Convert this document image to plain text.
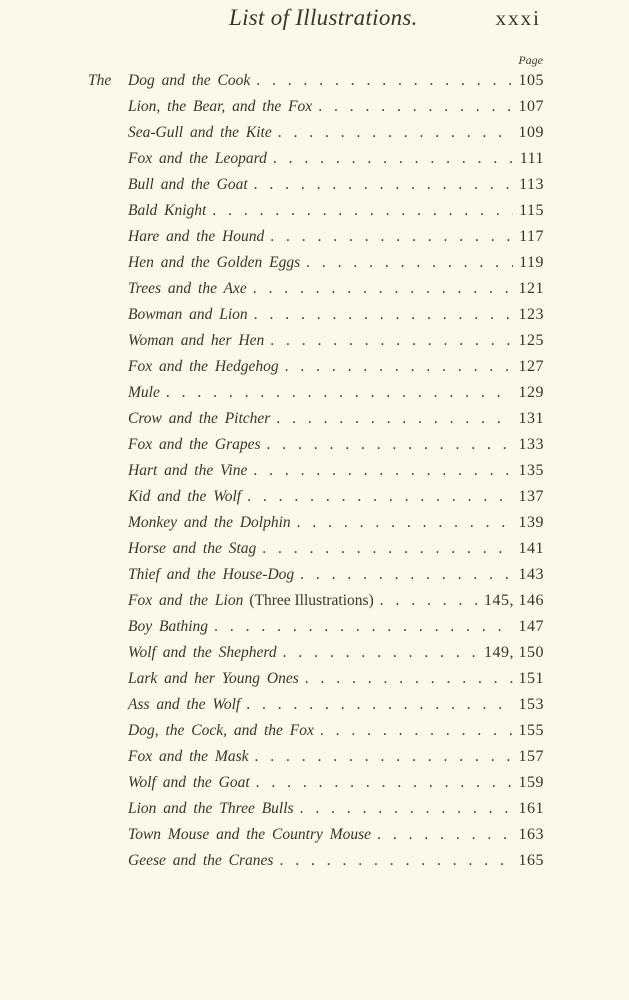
List of Illustrations.	xxxi
Page
The	Dog and the Cook . . .	105
Lion, the Bear, and the Fox . . .	107
Sea-Gull and the Kite . . .	109
Fox and the Leopard . . .	111
Bull and the Goat . . .	113
Bald Knight . . .	115
Hare and the Hound . . .	117
Hen and the Golden Eggs . . .	119
Trees and the Axe . . .	121
Bowman and Lion . . .	123
Woman and her Hen . . .	125
Fox and the Hedgehog . . .	127
Mule . . .	129
Crow and the Pitcher . . .	131
Fox and the Grapes . . .	133
Hart and the Vine . . .	135
Kid and the Wolf . . .	137
Monkey and the Dolphin . . .	139
Horse and the Stag . . .	141
Thief and the House-Dog . . .	143
Fox and the Lion (Three Illustrations) . . .	145, 146
Boy Bathing . . .	147
Wolf and the Shepherd . . .	149, 150
Lark and her Young Ones . . .	151
Ass and the Wolf . . .	153
Dog, the Cock, and the Fox . . .	155
Fox and the Mask . . .	157
Wolf and the Goat . . .	159
Lion and the Three Bulls . . .	161
Town Mouse and the Country Mouse . . .	163
Geese and the Cranes . . .	165
